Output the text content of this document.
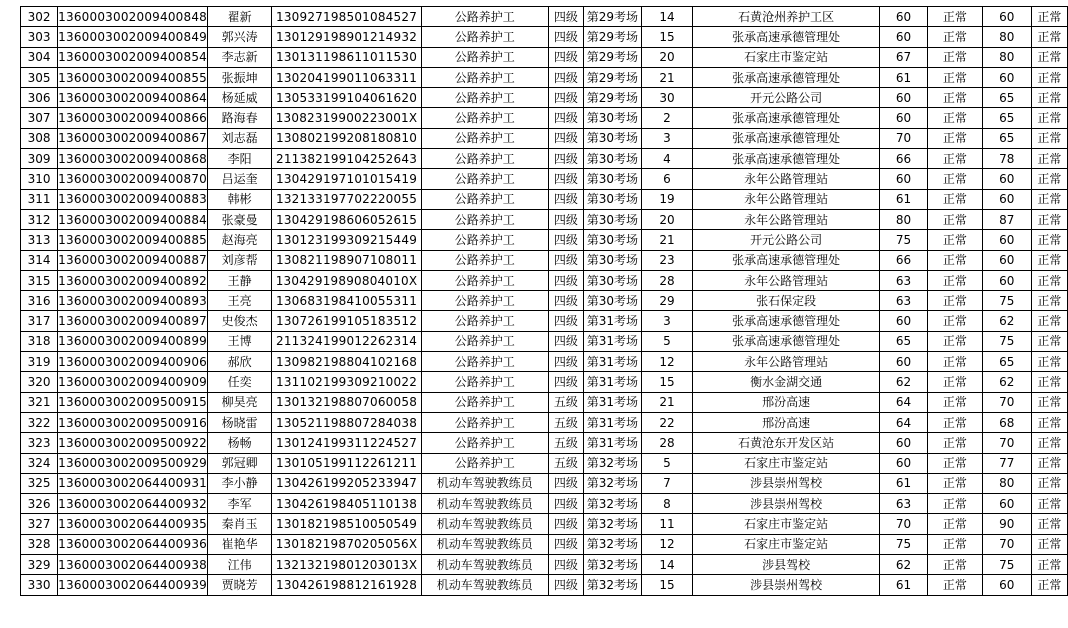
302	1360003002009400848	翟新	130927198501084527	公路养护工	四级	第29考场	14	石黄沧州养护工区	60	正常	60	正常
303	1360003002009400849	郭兴涛	130129198901214932	公路养护工	四级	第29考场	15	张承高速承德管理处	60	正常	80	正常
304	1360003002009400854	李志新	130131198611011530	公路养护工	四级	第29考场	20	石家庄市鉴定站	67	正常	80	正常
305	1360003002009400855	张振坤	130204199011063311	公路养护工	四级	第29考场	21	张承高速承德管理处	61	正常	60	正常
306	1360003002009400864	杨延威	130533199104061620	公路养护工	四级	第29考场	30	开元公路公司	60	正常	65	正常
307	1360003002009400866	路海春	13082319900223001X	公路养护工	四级	第30考场	2	张承高速承德管理处	60	正常	65	正常
308	1360003002009400867	刘志磊	130802199208180810	公路养护工	四级	第30考场	3	张承高速承德管理处	70	正常	65	正常
309	1360003002009400868	李阳	211382199104252643	公路养护工	四级	第30考场	4	张承高速承德管理处	66	正常	78	正常
310	1360003002009400870	吕运奎	130429197101015419	公路养护工	四级	第30考场	6	永年公路管理站	60	正常	60	正常
311	1360003002009400883	韩彬	132133197702220055	公路养护工	四级	第30考场	19	永年公路管理站	61	正常	60	正常
312	1360003002009400884	张豪曼	130429198606052615	公路养护工	四级	第30考场	20	永年公路管理站	80	正常	87	正常
313	1360003002009400885	赵海亮	130123199309215449	公路养护工	四级	第30考场	21	开元公路公司	75	正常	60	正常
314	1360003002009400887	刘彦帮	130821198907108011	公路养护工	四级	第30考场	23	张承高速承德管理处	66	正常	60	正常
315	1360003002009400892	王静	13042919890804010X	公路养护工	四级	第30考场	28	永年公路管理站	63	正常	60	正常
316	1360003002009400893	王亮	130683198410055311	公路养护工	四级	第30考场	29	张石保定段	63	正常	75	正常
317	1360003002009400897	史俊杰	130726199105183512	公路养护工	四级	第31考场	3	张承高速承德管理处	60	正常	62	正常
318	1360003002009400899	王博	211324199012262314	公路养护工	四级	第31考场	5	张承高速承德管理处	65	正常	75	正常
319	1360003002009400906	郝欣	130982198804102168	公路养护工	四级	第31考场	12	永年公路管理站	60	正常	65	正常
320	1360003002009400909	任奕	131102199309210022	公路养护工	四级	第31考场	15	衡水金湖交通	62	正常	62	正常
321	1360003002009500915	柳昊亮	130132198807060058	公路养护工	五级	第31考场	21	邢汾高速	64	正常	70	正常
322	1360003002009500916	杨晓雷	130521198807284038	公路养护工	五级	第31考场	22	邢汾高速	64	正常	68	正常
323	1360003002009500922	杨畅	130124199311224527	公路养护工	五级	第31考场	28	石黄沧东开发区站	60	正常	70	正常
324	1360003002009500929	郭冠卿	130105199112261211	公路养护工	五级	第32考场	5	石家庄市鉴定站	60	正常	77	正常
325	1360003002064400931	李小静	130426199205233947	机动车驾驶教练员	四级	第32考场	7	涉县崇州驾校	61	正常	80	正常
326	1360003002064400932	李军	130426198405110138	机动车驾驶教练员	四级	第32考场	8	涉县崇州驾校	63	正常	60	正常
327	1360003002064400935	秦肖玉	130182198510050549	机动车驾驶教练员	四级	第32考场	11	石家庄市鉴定站	70	正常	90	正常
328	1360003002064400936	崔艳华	13018219870205056X	机动车驾驶教练员	四级	第32考场	12	石家庄市鉴定站	75	正常	70	正常
329	1360003002064400938	江伟	13213219801203013X	机动车驾驶教练员	四级	第32考场	14	涉县驾校	62	正常	75	正常
330	1360003002064400939	贾晓芳	130426198812161928	机动车驾驶教练员	四级	第32考场	15	涉县崇州驾校	61	正常	60	正常
